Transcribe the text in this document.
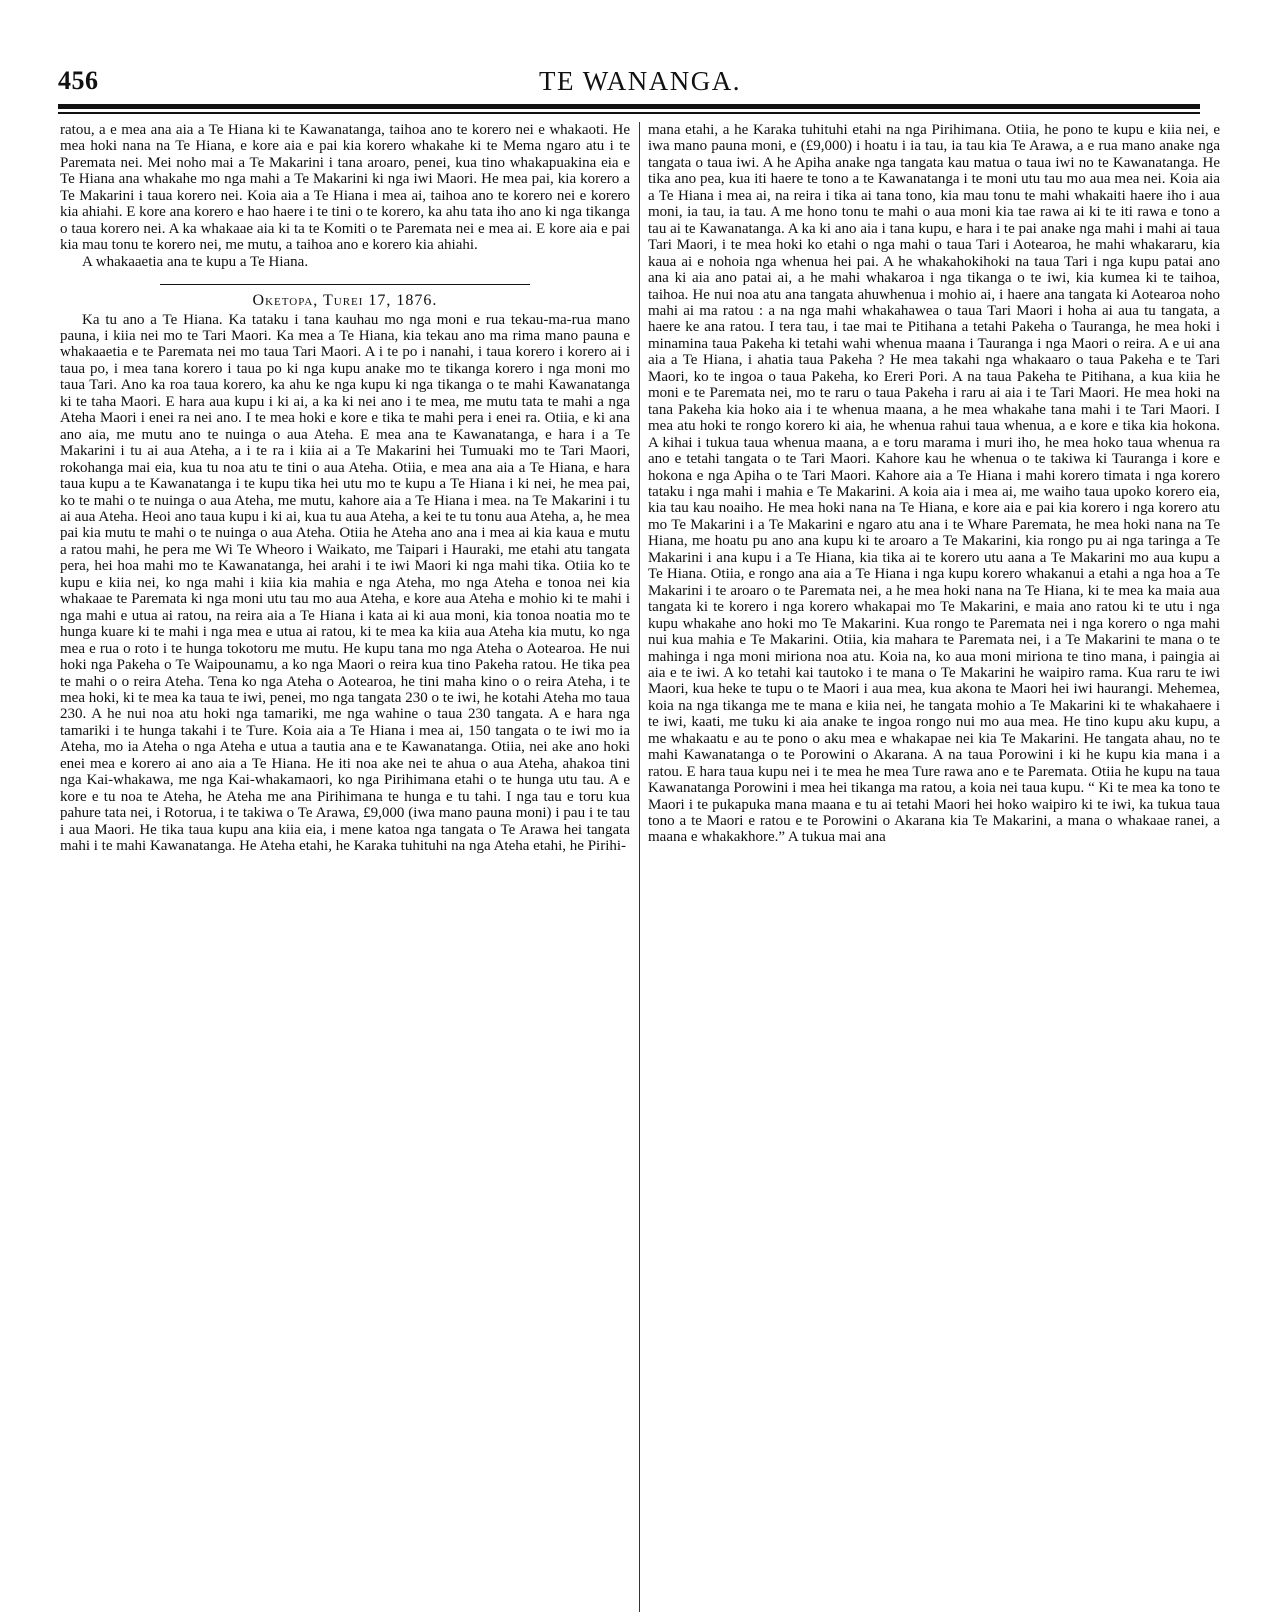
456	TE WANANGA.

ratou, a e mea ana aia a Te Hiana ki te Kawanatanga, taihoa ano te korero nei e whakaoti. He mea hoki nana na Te Hiana, e kore aia e pai kia korero whakahe ki te Mema ngaro atu i te Paremata nei. Mei noho mai a Te Makarini i tana aroaro, penei, kua tino whakapuakina eia e Te Hiana ana whakahe mo nga mahi a Te Makarini ki nga iwi Maori. He mea pai, kia korero a Te Makarini i taua korero nei. Koia aia a Te Hiana i mea ai, taihoa ano te korero nei e korero kia ahiahi. E kore ana korero e hao haere i te tini o te korero, ka ahu tata iho ano ki nga tikanga o taua korero nei. A ka whakaae aia ki ta te Komiti o te Paremata nei e mea ai. E kore aia e pai kia mau tonu te korero nei, me mutu, a taihoa ano e korero kia ahiahi.

A whakaaetia ana te kupu a Te Hiana.

Oketopa, Turei 17, 1876.

Ka tu ano a Te Hiana. Ka tataku i tana kauhau mo nga moni e rua tekau-ma-rua mano pauna, i kiia nei mo te Tari Maori. Ka mea a Te Hiana, kia tekau ano ma rima mano pauna e whakaaetia e te Paremata nei mo taua Tari Maori. A i te po i nanahi, i taua korero i korero ai i taua po, i mea tana korero i taua po ki nga kupu anake mo te tikanga korero i nga moni mo taua Tari. Ano ka roa taua korero, ka ahu ke nga kupu ki nga tikanga o te mahi Kawanatanga ki te taha Maori. E hara aua kupu i ki ai, a ka ki nei ano i te mea, me mutu tata te mahi a nga Ateha Maori i enei ra nei ano. I te mea hoki e kore e tika te mahi pera i enei ra. Otiia, e ki ana ano aia, me mutu ano te nuinga o aua Ateha. E mea ana te Kawanatanga, e hara i a Te Makarini i tu ai aua Ateha, a i te ra i kiia ai a Te Makarini hei Tumuaki mo te Tari Maori, rokohanga mai eia, kua tu noa atu te tini o aua Ateha. Otiia, e mea ana aia a Te Hiana, e hara taua kupu a te Kawanatanga i te kupu tika hei utu mo te kupu a Te Hiana i ki nei, he mea pai, ko te mahi o te nuinga o aua Ateha, me mutu, kahore aia a Te Hiana i mea. na Te Makarini i tu ai aua Ateha. Heoi ano taua kupu i ki ai, kua tu aua Ateha, a kei te tu tonu aua Ateha, a, he mea pai kia mutu te mahi o te nuinga o aua Ateha. Otiia he Ateha ano ana i mea ai kia kaua e mutu a ratou mahi, he pera me Wi Te Wheoro i Waikato, me Taipari i Hauraki, me etahi atu tangata pera, hei hoa mahi mo te Kawanatanga, hei arahi i te iwi Maori ki nga mahi tika. Otiia ko te kupu e kiia nei, ko nga mahi i kiia kia mahia e nga Ateha, mo nga Ateha e tonoa nei kia whakaae te Paremata ki nga moni utu tau mo aua Ateha, e kore aua Ateha e mohio ki te mahi i nga mahi e utua ai ratou, na reira aia a Te Hiana i kata ai ki aua moni, kia tonoa noatia mo te hunga kuare ki te mahi i nga mea e utua ai ratou, ki te mea ka kiia aua Ateha kia mutu, ko nga mea e rua o roto i te hunga tokotoru me mutu. He kupu tana mo nga Ateha o Aotearoa. He nui hoki nga Pakeha o Te Waipounamu, a ko nga Maori o reira kua tino Pakeha ratou. He tika pea te mahi o o reira Ateha. Tena ko nga Ateha o Aotearoa, he tini maha kino o o reira Ateha, i te mea hoki, ki te mea ka taua te iwi, penei, mo nga tangata 230 o te iwi, he kotahi Ateha mo taua 230. A he nui noa atu hoki nga tamariki, me nga wahine o taua 230 tangata. A e hara nga tamariki i te hunga takahi i te Ture. Koia aia a Te Hiana i mea ai, 150 tangata o te iwi mo ia Ateha, mo ia Ateha o nga Ateha e utua a tautia ana e te Kawanatanga. Otiia, nei ake ano hoki enei mea e korero ai ano aia a Te Hiana. He iti noa ake nei te ahua o aua Ateha, ahakoa tini nga Kai-whakawa, me nga Kai-whakamaori, ko nga Pirihimana etahi o te hunga utu tau. A e kore e tu noa te Ateha, he Ateha me ana Pirihimana te hunga e tu tahi. I nga tau e toru kua pahure tata nei, i Rotorua, i te takiwa o Te Arawa, £9,000 (iwa mano pauna moni) i pau i te tau i aua Maori. He tika taua kupu ana kiia eia, i mene katoa nga tangata o Te Arawa hei tangata mahi i te mahi Kawanatanga. He Ateha etahi, he Karaka tuhituhi na nga Ateha etahi, he Pirihi-

mana etahi, a he Karaka tuhituhi etahi na nga Pirihimana. Otiia, he pono te kupu e kiia nei, e iwa mano pauna moni, e (£9,000) i hoatu i ia tau, ia tau kia Te Arawa, a e rua mano anake nga tangata o taua iwi. A he Apiha anake nga tangata kau matua o taua iwi no te Kawanatanga. He tika ano pea, kua iti haere te tono a te Kawanatanga i te moni utu tau mo aua mea nei. Koia aia a Te Hiana i mea ai, na reira i tika ai tana tono, kia mau tonu te mahi whakaiti haere iho i aua moni, ia tau, ia tau. A me hono tonu te mahi o aua moni kia tae rawa ai ki te iti rawa e tono a tau ai te Kawanatanga. A ka ki ano aia i tana kupu, e hara i te pai anake nga mahi i mahi ai taua Tari Maori, i te mea hoki ko etahi o nga mahi o taua Tari i Aotearoa, he mahi whakararu, kia kaua ai e nohoia nga whenua hei pai. A he whakahokihoki na taua Tari i nga kupu patai ano ana ki aia ano patai ai, a he mahi whakaroa i nga tikanga o te iwi, kia kumea ki te taihoa, taihoa. He nui noa atu ana tangata ahuwhenua i mohio ai, i haere ana tangata ki Aotearoa noho mahi ai ma ratou : a na nga mahi whakahawea o taua Tari Maori i hoha ai aua tu tangata, a haere ke ana ratou. I tera tau, i tae mai te Pitihana a tetahi Pakeha o Tauranga, he mea hoki i minamina taua Pakeha ki tetahi wahi whenua maana i Tauranga i nga Maori o reira. A e ui ana aia a Te Hiana, i ahatia taua Pakeha ? He mea takahi nga whakaaro o taua Pakeha e te Tari Maori, ko te ingoa o taua Pakeha, ko Ereri Pori. A na taua Pakeha te Pitihana, a kua kiia he moni e te Paremata nei, mo te raru o taua Pakeha i raru ai aia i te Tari Maori. He mea hoki na tana Pakeha kia hoko aia i te whenua maana, a he mea whakahe tana mahi i te Tari Maori. I mea atu hoki te rongo korero ki aia, he whenua rahui taua whenua, a e kore e tika kia hokona. A kihai i tukua taua whenua maana, a e toru marama i muri iho, he mea hoko taua whenua ra ano e tetahi tangata o te Tari Maori. Kahore kau he whenua o te takiwa ki Tauranga i kore e hokona e nga Apiha o te Tari Maori. Kahore aia a Te Hiana i mahi korero timata i nga korero tataku i nga mahi i mahia e Te Makarini. A koia aia i mea ai, me waiho taua upoko korero eia, kia tau kau noaiho. He mea hoki nana na Te Hiana, e kore aia e pai kia korero i nga korero atu mo Te Makarini i a Te Makarini e ngaro atu ana i te Whare Paremata, he mea hoki nana na Te Hiana, me hoatu pu ano ana kupu ki te aroaro a Te Makarini, kia rongo pu ai nga taringa a Te Makarini i ana kupu i a Te Hiana, kia tika ai te korero utu aana a Te Makarini mo aua kupu a Te Hiana. Otiia, e rongo ana aia a Te Hiana i nga kupu korero whakanui a etahi a nga hoa a Te Makarini i te aroaro o te Paremata nei, a he mea hoki nana na Te Hiana, ki te mea ka maia aua tangata ki te korero i nga korero whakapai mo Te Makarini, e maia ano ratou ki te utu i nga kupu whakahe ano hoki mo Te Makarini. Kua rongo te Paremata nei i nga korero o nga mahi nui kua mahia e Te Makarini. Otiia, kia mahara te Paremata nei, i a Te Makarini te mana o te mahinga i nga moni miriona noa atu. Koia na, ko aua moni miriona te tino mana, i paingia ai aia e te iwi. A ko tetahi kai tautoko i te mana o Te Makarini he waipiro rama. Kua raru te iwi Maori, kua heke te tupu o te Maori i aua mea, kua akona te Maori hei iwi haurangi. Mehemea, koia na nga tikanga me te mana e kiia nei, he tangata mohio a Te Makarini ki te whakahaere i te iwi, kaati, me tuku ki aia anake te ingoa rongo nui mo aua mea. He tino kupu aku kupu, a me whakaatu e au te pono o aku mea e whakapae nei kia Te Makarini. He tangata ahau, no te mahi Kawanatanga o te Porowini o Akarana. A na taua Porowini i ki he kupu kia mana i a ratou. E hara taua kupu nei i te mea he mea Ture rawa ano e te Paremata. Otiia he kupu na taua Kawanatanga Porowini i mea hei tikanga ma ratou, a koia nei taua kupu. “ Ki te mea ka tono te Maori i te pukapuka mana maana e tu ai tetahi Maori hei hoko waipiro ki te iwi, ka tukua taua tono a te Maori e ratou e te Porowini o Akarana kia Te Makarini, a mana o whakaae ranei, a maana e whakakhore.” A tukua mai ana
